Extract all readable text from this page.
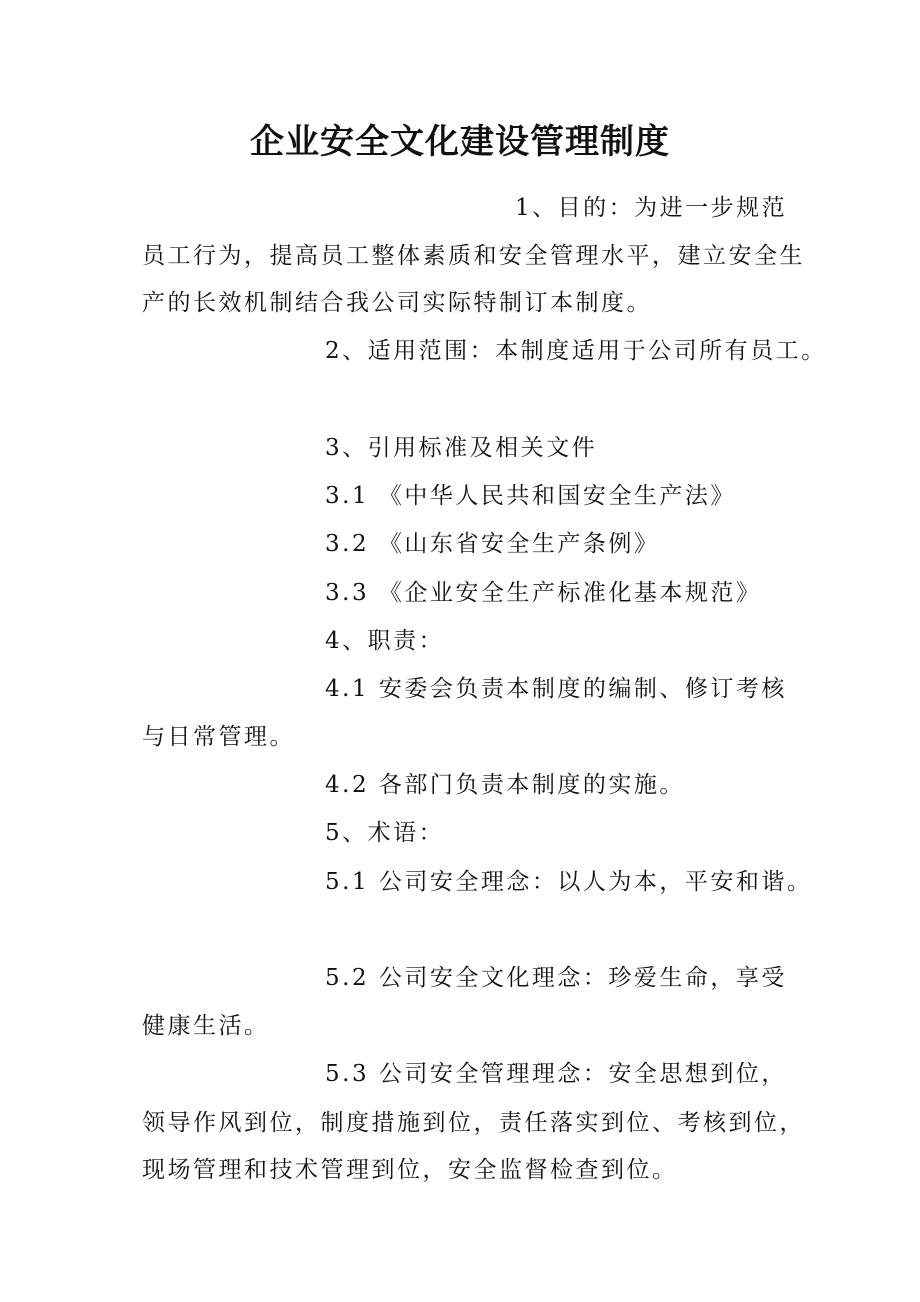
企业安全文化建设管理制度
1、目的：为进一步规范
员工行为，提高员工整体素质和安全管理水平，建立安全生
产的长效机制结合我公司实际特制订本制度。
2、适用范围：本制度适用于公司所有员工。
3、引用标准及相关文件
3.1 《中华人民共和国安全生产法》
3.2 《山东省安全生产条例》
3.3 《企业安全生产标准化基本规范》
4、职责：
4.1 安委会负责本制度的编制、修订考核
与日常管理。
4.2 各部门负责本制度的实施。
5、术语：
5.1 公司安全理念：以人为本，平安和谐。
5.2 公司安全文化理念：珍爱生命，享受
健康生活。
5.3 公司安全管理理念：安全思想到位，
领导作风到位，制度措施到位，责任落实到位、考核到位，
现场管理和技术管理到位，安全监督检查到位。
